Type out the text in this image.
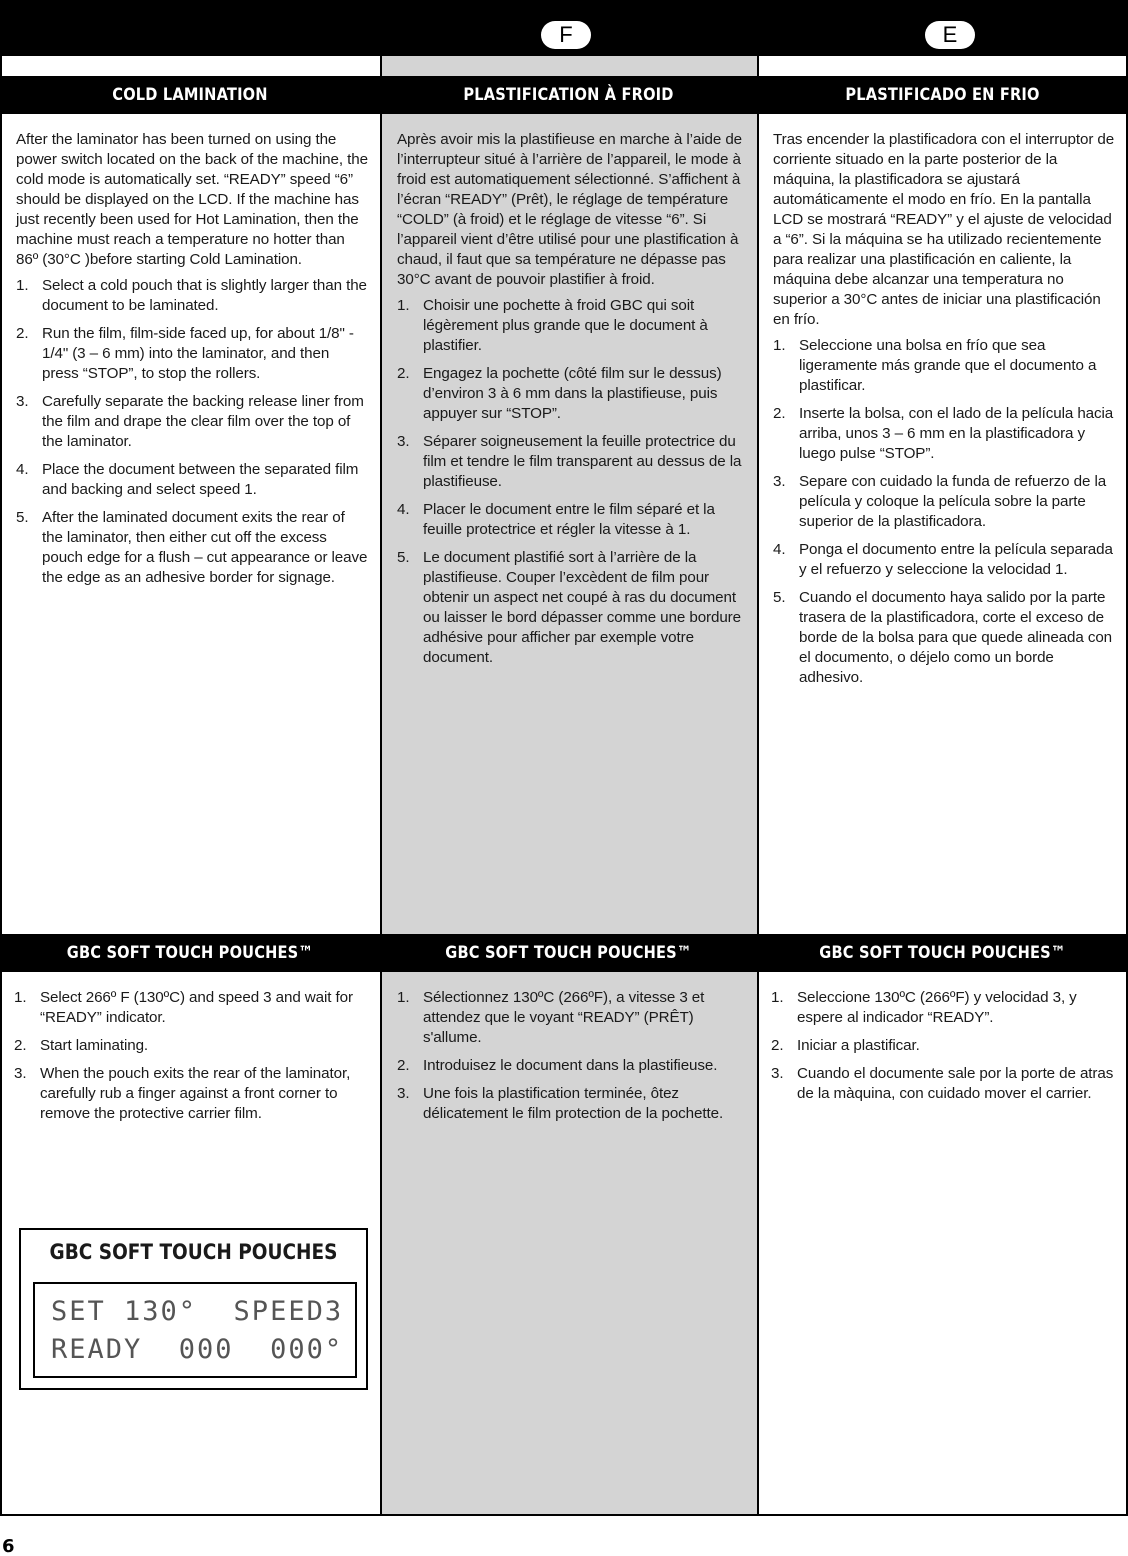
F	E
COLD LAMINATION	PLASTIFICATION À FROID	PLASTIFICADO EN FRIO

After the laminator has been turned on using the power switch located on the back of the machine, the cold mode is automatically set. “READY” speed “6” should be displayed on the LCD. If the machine has just recently been used for Hot Lamination, then the machine must reach a temperature no hotter than 86º (30°C )before starting Cold Lamination.

1. Select a cold pouch that is slightly larger than the document to be laminated.
2. Run the film, film-side faced up, for about 1/8" - 1/4" (3 – 6 mm) into the laminator, and then press “STOP”, to stop the rollers.
3. Carefully separate the backing release liner from the film and drape the clear film over the top of the laminator.
4. Place the document between the separated film and backing and select speed 1.
5. After the laminated document exits the rear of the laminator, then either cut off the excess pouch edge for a flush – cut appearance or leave the edge as an adhesive border for signage.

Après avoir mis la plastifieuse en marche à l’aide de l’interrupteur situé à l’arrière de l’appareil, le mode à froid est automatiquement sélectionné. S’affichent à l’écran “READY” (Prêt), le réglage de température “COLD” (à froid) et le réglage de vitesse “6”. Si l’appareil vient d’être utilisé pour une plastification à chaud, il faut que sa température ne dépasse pas 30°C avant de pouvoir plastifier à froid.

1. Choisir une pochette à froid GBC qui soit légèrement plus grande que le document à plastifier.
2. Engagez la pochette (côté film sur le dessus) d’environ 3 à 6 mm dans la plastifieuse, puis appuyer sur “STOP”.
3. Séparer soigneusement la feuille protectrice du film et tendre le film transparent au dessus de la plastifieuse.
4. Placer le document entre le film séparé et la feuille protectrice et régler la vitesse à 1.
5. Le document plastifié sort à l’arrière de la plastifieuse. Couper l’excèdent de film pour obtenir un aspect net coupé à ras du document ou laisser le bord dépasser comme une bordure adhésive pour afficher par exemple votre document.

Tras encender la plastificadora con el interruptor de corriente situado en la parte posterior de la máquina, la plastificadora se ajustará automáticamente el modo en frío. En la pantalla LCD se mostrará “READY” y el ajuste de velocidad a “6”. Si la máquina se ha utilizado recientemente para realizar una plastificación en caliente, la máquina debe alcanzar una temperatura no superior a 30°C antes de iniciar una plastificación en frío.

1. Seleccione una bolsa en frío que sea ligeramente más grande que el documento a plastificar.
2. Inserte la bolsa, con el lado de la película hacia arriba, unos 3 – 6 mm en la plastificadora y luego pulse “STOP”.
3. Separe con cuidado la funda de refuerzo de la película y coloque la película sobre la parte superior de la plastificadora.
4. Ponga el documento entre la película separada y el refuerzo y seleccione la velocidad 1.
5. Cuando el documento haya salido por la parte trasera de la plastificadora, corte el exceso de borde de la bolsa para que quede alineada con el documento, o déjelo como un borde adhesivo.
GBC SOFT TOUCH POUCHES™	GBC SOFT TOUCH POUCHES™	GBC SOFT TOUCH POUCHES™
1. Select 266º F (130ºC) and speed 3 and wait for “READY” indicator.
2. Start laminating.
3. When the pouch exits the rear of the laminator, carefully rub a finger against a front corner to remove the protective carrier film.
1. Sélectionnez 130ºC (266ºF), a vitesse 3 et attendez que le voyant “READY” (PRÊT) s'allume.
2. Introduisez le document dans la plastifieuse.
3. Une fois la plastification terminée, ôtez délicatement le film protection de la pochette.
1. Seleccione 130ºC (266ºF) y velocidad 3, y espere al indicador “READY”.
2. Iniciar a plastificar.
3. Cuando el documente sale por la porte de atras de la màquina, con cuidado mover el carrier.
GBC SOFT TOUCH POUCHES
SET 130°  SPEED3
READY  000  000°
6
